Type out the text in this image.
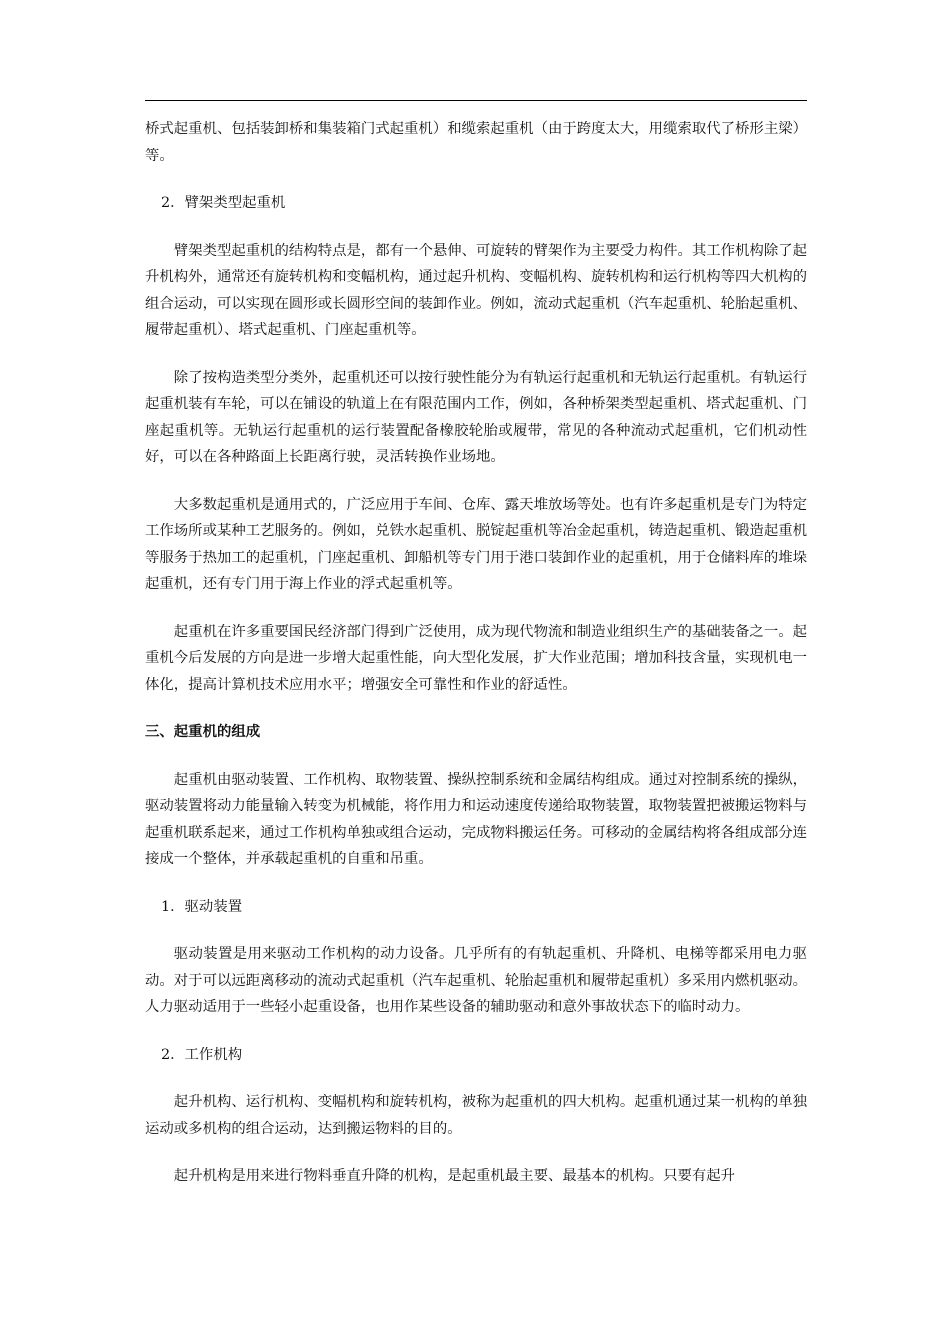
桥式起重机、包括装卸桥和集装箱门式起重机）和缆索起重机（由于跨度太大，用缆索取代了桥形主梁）等。

2．臂架类型起重机

臂架类型起重机的结构特点是，都有一个悬伸、可旋转的臂架作为主要受力构件。其工作机构除了起升机构外，通常还有旋转机构和变幅机构，通过起升机构、变幅机构、旋转机构和运行机构等四大机构的组合运动，可以实现在圆形或长圆形空间的装卸作业。例如，流动式起重机（汽车起重机、轮胎起重机、履带起重机）、塔式起重机、门座起重机等。

除了按构造类型分类外，起重机还可以按行驶性能分为有轨运行起重机和无轨运行起重机。有轨运行起重机装有车轮，可以在铺设的轨道上在有限范围内工作，例如，各种桥架类型起重机、塔式起重机、门座起重机等。无轨运行起重机的运行装置配备橡胶轮胎或履带，常见的各种流动式起重机，它们机动性好，可以在各种路面上长距离行驶，灵活转换作业场地。

大多数起重机是通用式的，广泛应用于车间、仓库、露天堆放场等处。也有许多起重机是专门为特定工作场所或某种工艺服务的。例如，兑铁水起重机、脱锭起重机等冶金起重机，铸造起重机、锻造起重机等服务于热加工的起重机，门座起重机、卸船机等专门用于港口装卸作业的起重机，用于仓储料库的堆垛起重机，还有专门用于海上作业的浮式起重机等。

起重机在许多重要国民经济部门得到广泛使用，成为现代物流和制造业组织生产的基础装备之一。起重机今后发展的方向是进一步增大起重性能，向大型化发展，扩大作业范围；增加科技含量，实现机电一体化，提高计算机技术应用水平；增强安全可靠性和作业的舒适性。

三、起重机的组成

起重机由驱动装置、工作机构、取物装置、操纵控制系统和金属结构组成。通过对控制系统的操纵，驱动装置将动力能量输入转变为机械能，将作用力和运动速度传递给取物装置，取物装置把被搬运物料与起重机联系起来，通过工作机构单独或组合运动，完成物料搬运任务。可移动的金属结构将各组成部分连接成一个整体，并承载起重机的自重和吊重。

1．驱动装置

驱动装置是用来驱动工作机构的动力设备。几乎所有的有轨起重机、升降机、电梯等都采用电力驱动。对于可以远距离移动的流动式起重机（汽车起重机、轮胎起重机和履带起重机）多采用内燃机驱动。人力驱动适用于一些轻小起重设备，也用作某些设备的辅助驱动和意外事故状态下的临时动力。

2．工作机构

起升机构、运行机构、变幅机构和旋转机构，被称为起重机的四大机构。起重机通过某一机构的单独运动或多机构的组合运动，达到搬运物料的目的。

起升机构是用来进行物料垂直升降的机构，是起重机最主要、最基本的机构。只要有起升
